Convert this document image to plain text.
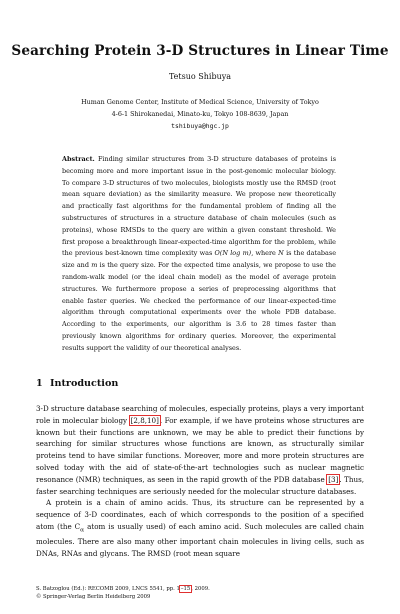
Searching Protein 3-D Structures in Linear Time
Tetsuo Shibuya
Human Genome Center, Institute of Medical Science, University of Tokyo
4-6-1 Shirokanedai, Minato-ku, Tokyo 108-8639, Japan
tshibuya@hgc.jp
Abstract. Finding similar structures from 3-D structure databases of proteins is becoming more and more important issue in the post-genomic molecular biology. To compare 3-D structures of two molecules, biologists mostly use the RMSD (root mean square deviation) as the similarity measure. We propose new theoretically and practically fast algorithms for the fundamental problem of finding all the substructures of structures in a structure database of chain molecules (such as proteins), whose RMSDs to the query are within a given constant threshold. We first propose a breakthrough linear-expected-time algorithm for the problem, while the previous best-known time complexity was O(N log m), where N is the database size and m is the query size. For the expected time analysis, we propose to use the random-walk model (or the ideal chain model) as the model of average protein structures. We furthermore propose a series of preprocessing algorithms that enable faster queries. We checked the performance of our linear-expected-time algorithm through computational experiments over the whole PDB database. According to the experiments, our algorithm is 3.6 to 28 times faster than previously known algorithms for ordinary queries. Moreover, the experimental results support the validity of our theoretical analyses.
1 Introduction

3-D structure database searching of molecules, especially proteins, plays a very important role in molecular biology [2,8,10]. For example, if we have proteins whose structures are known but their functions are unknown, we may be able to predict their functions by searching for similar structures whose functions are known, as structurally similar proteins tend to have similar functions. Moreover, more and more protein structures are solved today with the aid of state-of-the-art technologies such as nuclear magnetic resonance (NMR) techniques, as seen in the rapid growth of the PDB database [3]. Thus, faster searching techniques are seriously needed for the molecular structure databases.

A protein is a chain of amino acids. Thus, its structure can be represented by a sequence of 3-D coordinates, each of which corresponds to the position of a specified atom (the $C_\alpha$ atom is usually used) of each amino acid. Such molecules are called chain molecules. There are also many other important chain molecules in living cells, such as DNAs, RNAs and glycans. The RMSD (root mean square

S. Batzoglou (Ed.): RECOMB 2009, LNCS 5541, pp. 1–15, 2009.
© Springer-Verlag Berlin Heidelberg 2009
